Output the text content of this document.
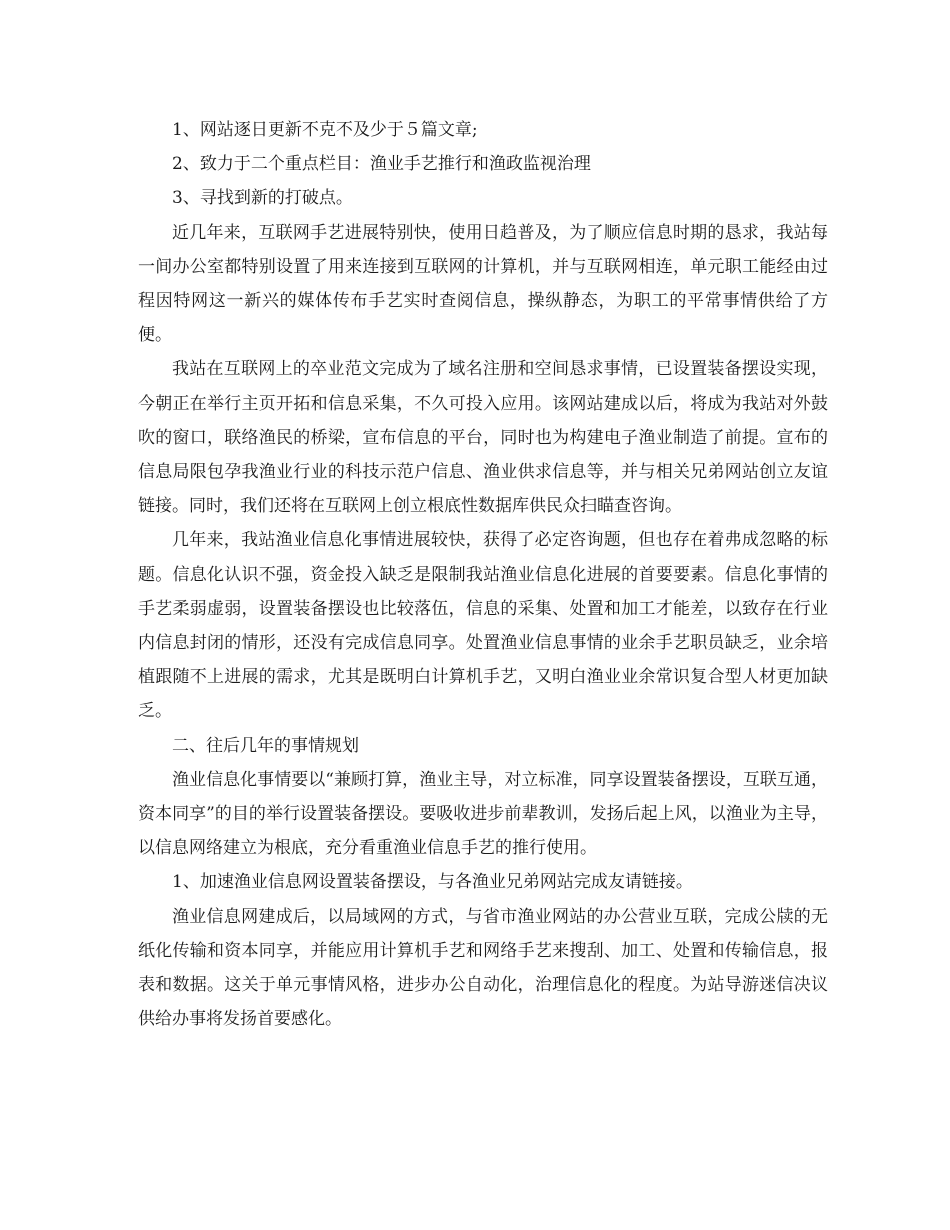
1、网站逐日更新不克不及少于５篇文章;

2、致力于二个重点栏目：渔业手艺推行和渔政监视治理

3、寻找到新的打破点。

近几年来，互联网手艺进展特别快，使用日趋普及，为了顺应信息时期的恳求，我站每一间办公室都特别设置了用来连接到互联网的计算机，并与互联网相连，单元职工能经由过程因特网这一新兴的媒体传布手艺实时查阅信息，操纵静态，为职工的平常事情供给了方便。

我站在互联网上的卒业范文完成为了域名注册和空间恳求事情，已设置装备摆设实现，今朝正在举行主页开拓和信息采集，不久可投入应用。该网站建成以后，将成为我站对外鼓吹的窗口，联络渔民的桥梁，宣布信息的平台，同时也为构建电子渔业制造了前提。宣布的信息局限包孕我渔业行业的科技示范户信息、渔业供求信息等，并与相关兄弟网站创立友谊链接。同时，我们还将在互联网上创立根底性数据库供民众扫瞄查咨询。

几年来，我站渔业信息化事情进展较快，获得了必定咨询题，但也存在着弗成忽略的标题。信息化认识不强，资金投入缺乏是限制我站渔业信息化进展的首要要素。信息化事情的手艺柔弱虚弱，设置装备摆设也比较落伍，信息的采集、处置和加工才能差，以致存在行业内信息封闭的情形，还没有完成信息同享。处置渔业信息事情的业余手艺职员缺乏，业余培植跟随不上进展的需求，尤其是既明白计算机手艺，又明白渔业业余常识复合型人材更加缺乏。

二、往后几年的事情规划

渔业信息化事情要以“兼顾打算，渔业主导，对立标准，同享设置装备摆设，互联互通，资本同享”的目的举行设置装备摆设。要吸收进步前辈教训，发扬后起上风，以渔业为主导，以信息网络建立为根底，充分看重渔业信息手艺的推行使用。

1、加速渔业信息网设置装备摆设，与各渔业兄弟网站完成友请链接。

渔业信息网建成后，以局域网的方式，与省市渔业网站的办公营业互联，完成公牍的无纸化传输和资本同享，并能应用计算机手艺和网络手艺来搜刮、加工、处置和传输信息，报表和数据。这关于单元事情风格，进步办公自动化，治理信息化的程度。为站导游迷信决议供给办事将发扬首要感化。
